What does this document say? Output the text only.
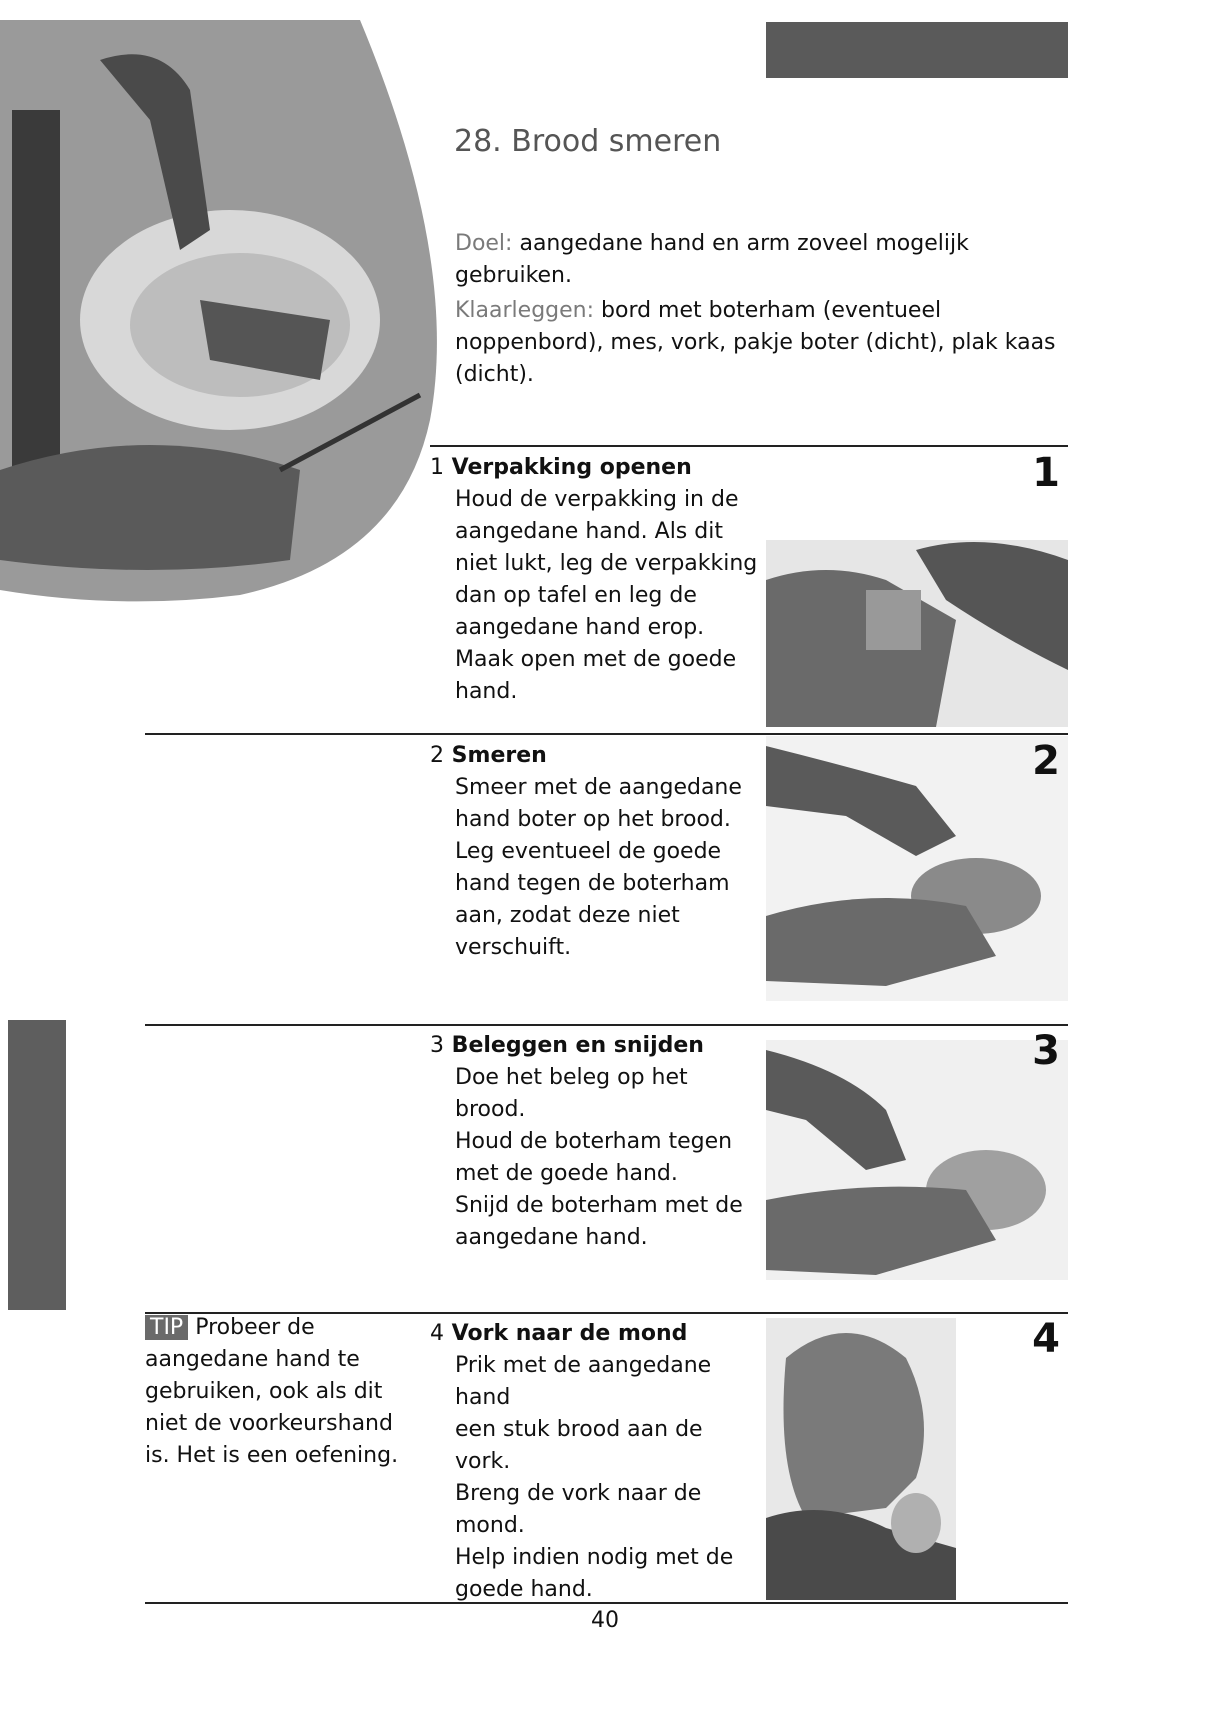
28. Brood smeren
Doel: aangedane hand en arm zoveel mogelijk gebruiken.
Klaarleggen: bord met boterham (eventueel noppenbord), mes, vork, pakje boter (dicht), plak kaas (dicht).
1 Verpakking openen
Houd de verpakking in de
aangedane hand. Als dit
niet lukt, leg de verpakking
dan op tafel en leg de
aangedane hand erop.
Maak open met de goede
hand.
1
2 Smeren
Smeer met de aangedane
hand boter op het brood.
Leg eventueel de goede
hand tegen de boterham
aan, zodat deze niet
verschuift.
2
3 Beleggen en snijden
Doe het beleg op het brood.
Houd de boterham tegen
met de goede hand.
Snijd de boterham met de
aangedane hand.
3
TIP Probeer de
aangedane hand te
gebruiken, ook als dit
niet de voorkeurshand
is. Het is een oefening.
4 Vork naar de mond
Prik met de aangedane hand
een stuk brood aan de vork.
Breng de vork naar de
mond.
Help indien nodig met de
goede hand.
4
40
